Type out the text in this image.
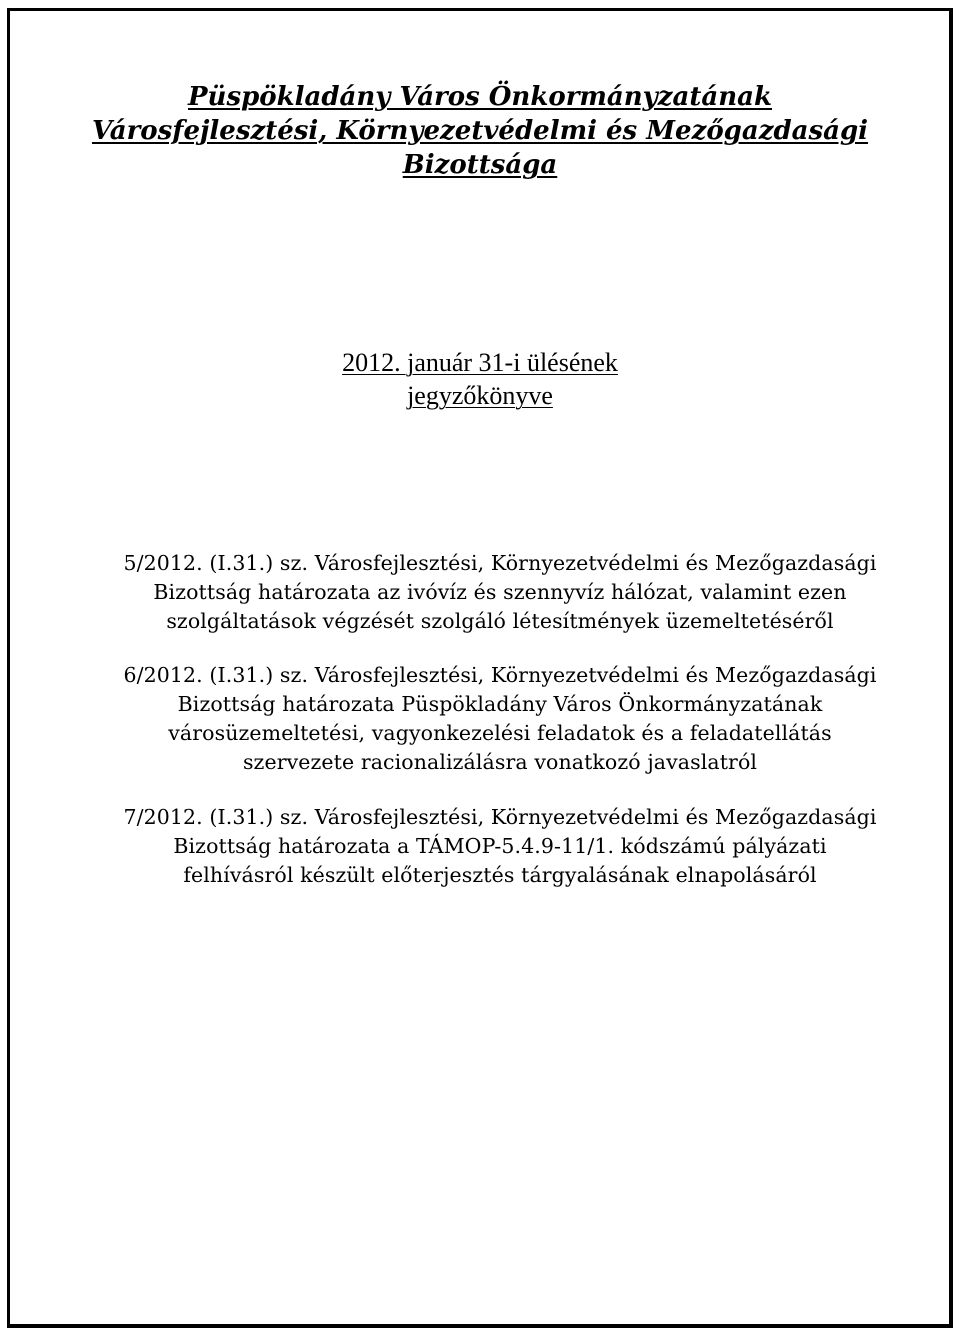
Püspökladány Város Önkormányzatának
Városfejlesztési, Környezetvédelmi és Mezőgazdasági
Bizottsága
2012. január 31-i ülésének
jegyzőkönyve
5/2012. (I.31.) sz. Városfejlesztési, Környezetvédelmi és Mezőgazdasági
Bizottság határozata az ivóvíz és szennyvíz hálózat, valamint ezen
szolgáltatások végzését szolgáló létesítmények üzemeltetéséről
6/2012. (I.31.) sz. Városfejlesztési, Környezetvédelmi és Mezőgazdasági
Bizottság határozata Püspökladány Város Önkormányzatának
városüzemeltetési, vagyonkezelési feladatok és a feladatellátás
szervezete racionalizálásra vonatkozó javaslatról
7/2012. (I.31.) sz. Városfejlesztési, Környezetvédelmi és Mezőgazdasági
Bizottság határozata a TÁMOP-5.4.9-11/1. kódszámú pályázati
felhívásról készült előterjesztés tárgyalásának elnapolásáról
